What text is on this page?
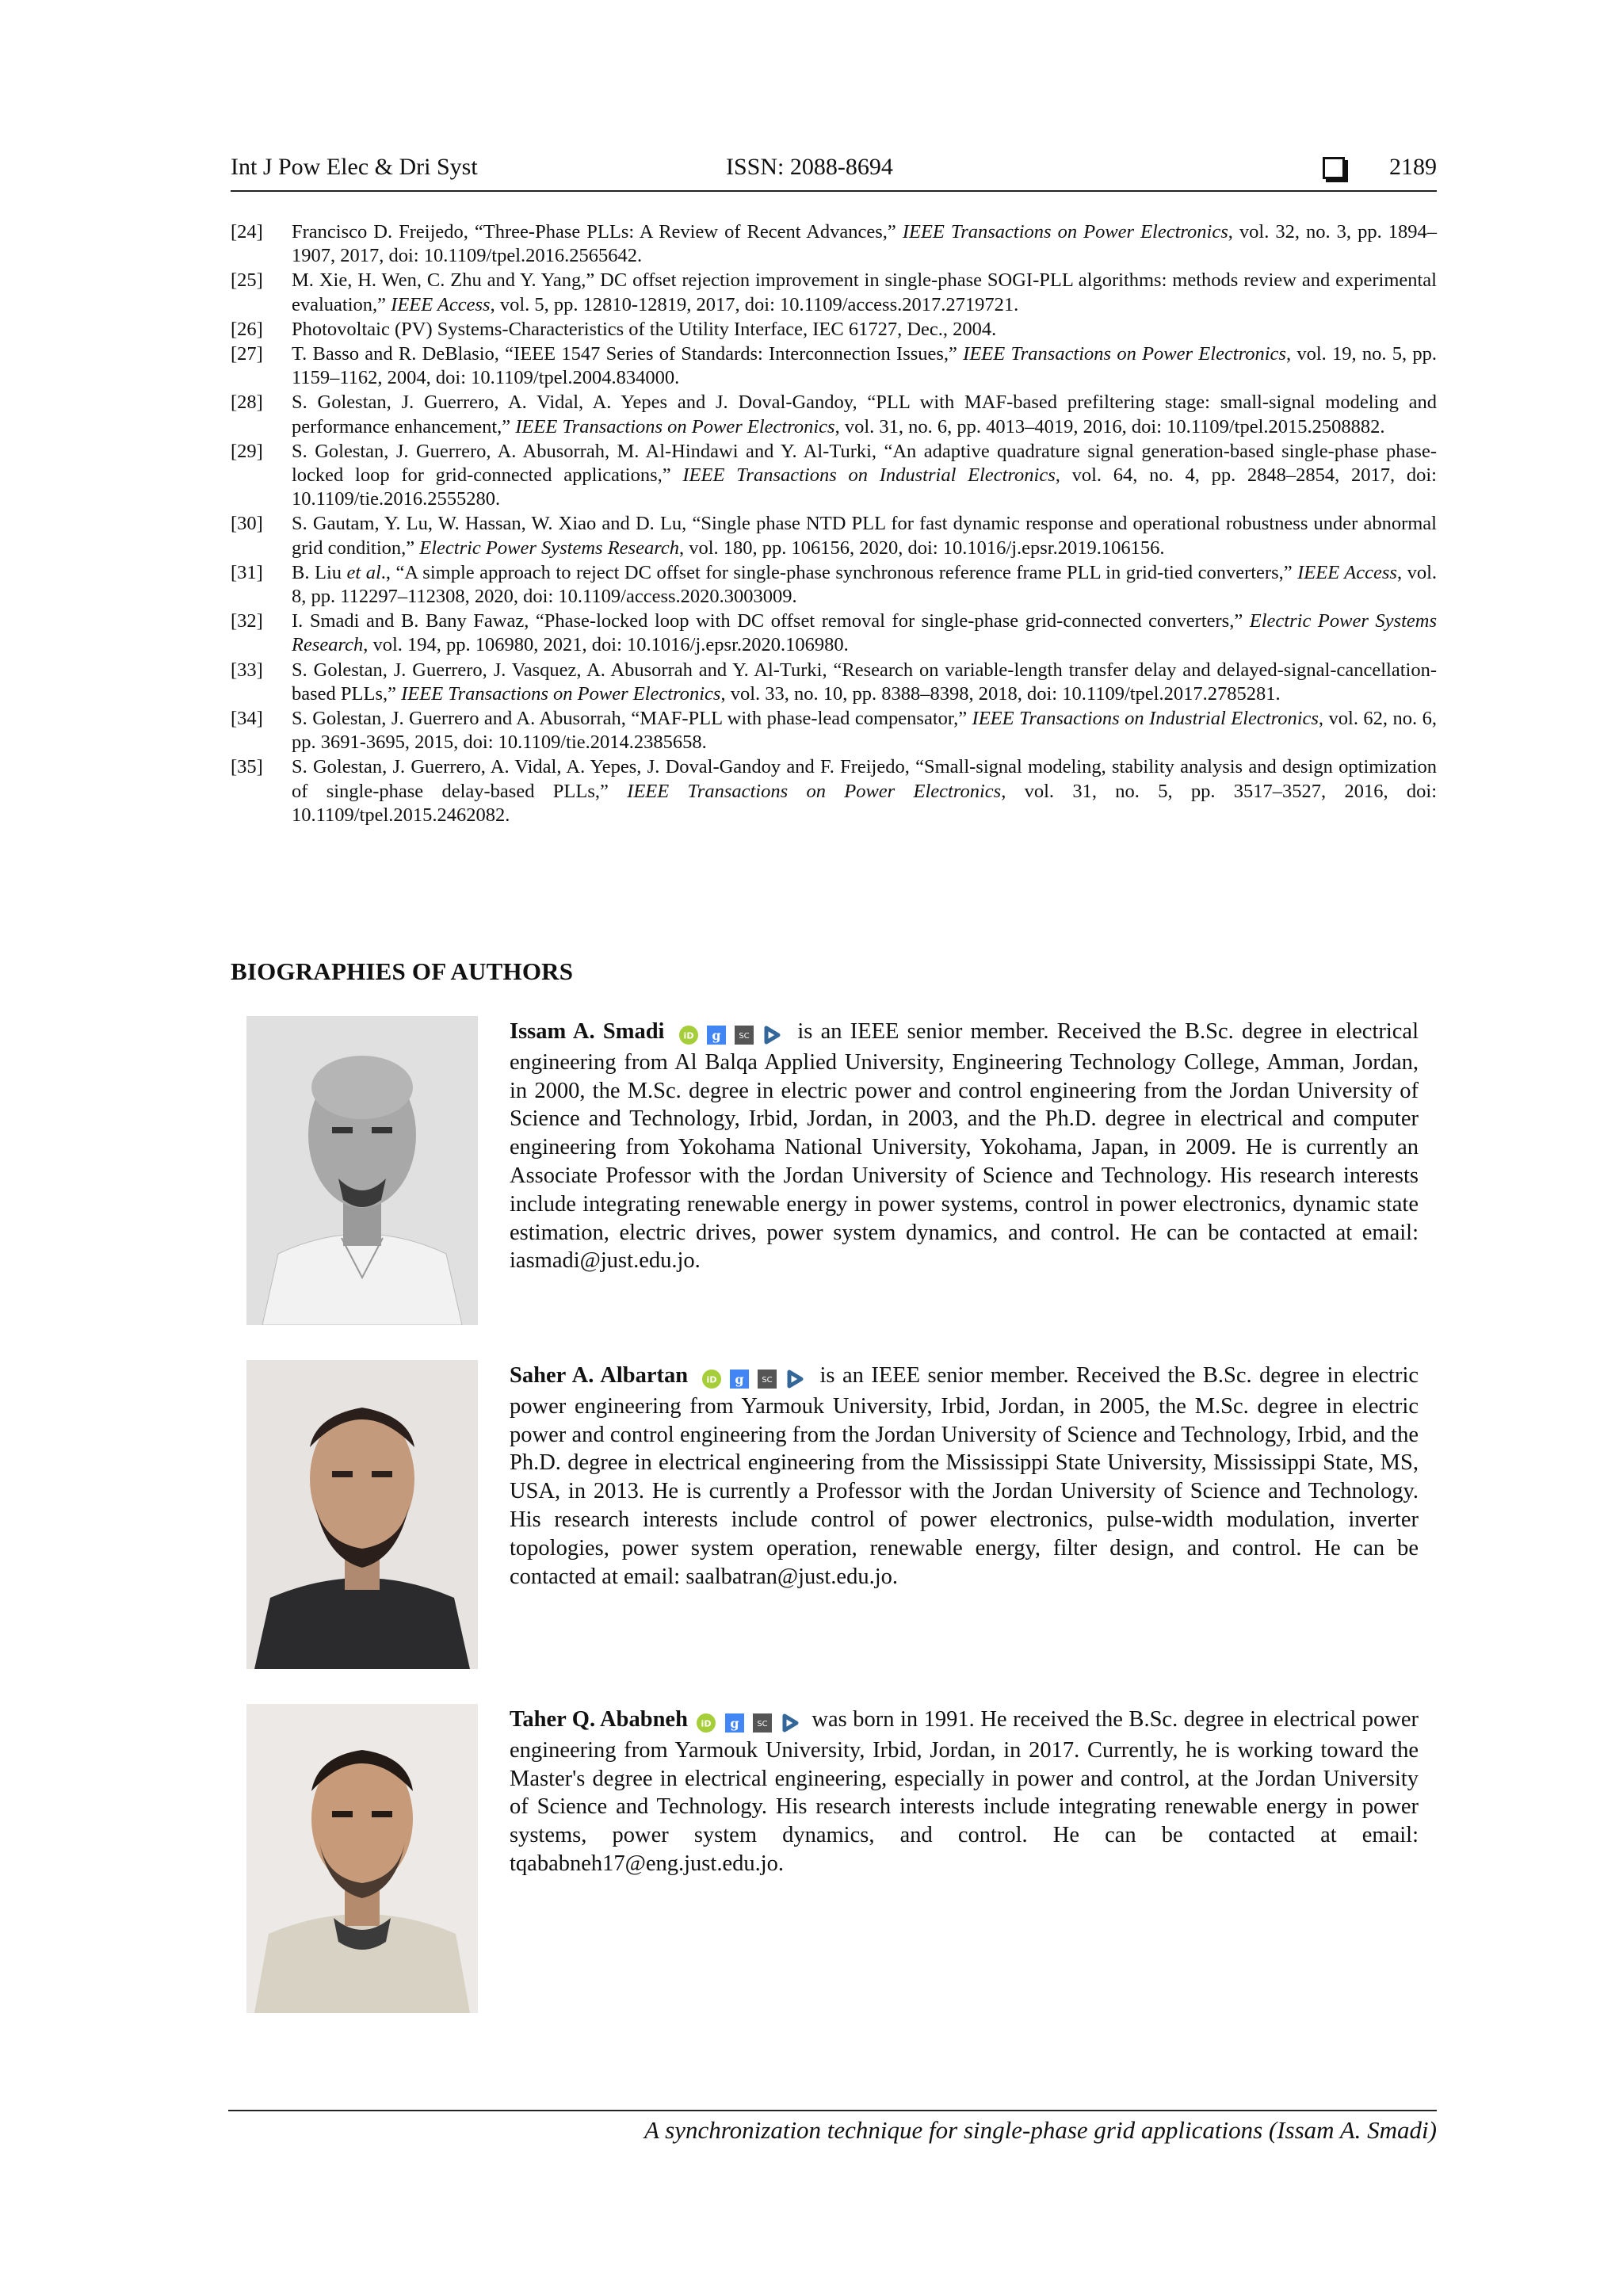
Int J Pow Elec & Dri Syst	ISSN: 2088-8694	2189
[24]	Francisco D. Freijedo, “Three-Phase PLLs: A Review of Recent Advances,” IEEE Transactions on Power Electronics, vol. 32, no. 3, pp. 1894‒1907, 2017, doi: 10.1109/tpel.2016.2565642.
[25]	M. Xie, H. Wen, C. Zhu and Y. Yang,” DC offset rejection improvement in single-phase SOGI-PLL algorithms: methods review and experimental evaluation,” IEEE Access, vol. 5, pp. 12810-12819, 2017, doi: 10.1109/access.2017.2719721.
[26]	Photovoltaic (PV) Systems-Characteristics of the Utility Interface, IEC 61727, Dec., 2004.
[27]	T. Basso and R. DeBlasio, “IEEE 1547 Series of Standards: Interconnection Issues,” IEEE Transactions on Power Electronics, vol. 19, no. 5, pp. 1159‒1162, 2004, doi: 10.1109/tpel.2004.834000.
[28]	S. Golestan, J. Guerrero, A. Vidal, A. Yepes and J. Doval-Gandoy, “PLL with MAF-based prefiltering stage: small-signal modeling and performance enhancement,” IEEE Transactions on Power Electronics, vol. 31, no. 6, pp. 4013‒4019, 2016, doi: 10.1109/tpel.2015.2508882.
[29]	S. Golestan, J. Guerrero, A. Abusorrah, M. Al-Hindawi and Y. Al-Turki, “An adaptive quadrature signal generation-based single-phase phase-locked loop for grid-connected applications,” IEEE Transactions on Industrial Electronics, vol. 64, no. 4, pp. 2848‒2854, 2017, doi: 10.1109/tie.2016.2555280.
[30]	S. Gautam, Y. Lu, W. Hassan, W. Xiao and D. Lu, “Single phase NTD PLL for fast dynamic response and operational robustness under abnormal grid condition,” Electric Power Systems Research, vol. 180, pp. 106156, 2020, doi: 10.1016/j.epsr.2019.106156.
[31]	B. Liu et al., “A simple approach to reject DC offset for single-phase synchronous reference frame PLL in grid-tied converters,” IEEE Access, vol. 8, pp. 112297‒112308, 2020, doi: 10.1109/access.2020.3003009.
[32]	I. Smadi and B. Bany Fawaz, “Phase-locked loop with DC offset removal for single-phase grid-connected converters,” Electric Power Systems Research, vol. 194, pp. 106980, 2021, doi: 10.1016/j.epsr.2020.106980.
[33]	S. Golestan, J. Guerrero, J. Vasquez, A. Abusorrah and Y. Al-Turki, “Research on variable-length transfer delay and delayed-signal-cancellation-based PLLs,” IEEE Transactions on Power Electronics, vol. 33, no. 10, pp. 8388‒8398, 2018, doi: 10.1109/tpel.2017.2785281.
[34]	S. Golestan, J. Guerrero and A. Abusorrah, “MAF-PLL with phase-lead compensator,” IEEE Transactions on Industrial Electronics, vol. 62, no. 6, pp. 3691-3695, 2015, doi: 10.1109/tie.2014.2385658.
[35]	S. Golestan, J. Guerrero, A. Vidal, A. Yepes, J. Doval-Gandoy and F. Freijedo, “Small-signal modeling, stability analysis and design optimization of single-phase delay-based PLLs,” IEEE Transactions on Power Electronics, vol. 31, no. 5, pp. 3517‒3527, 2016, doi: 10.1109/tpel.2015.2462082.
BIOGRAPHIES OF AUTHORS
Issam A. Smadi iD
g
SC is an IEEE senior member. Received the B.Sc. degree in electrical engineering from Al Balqa Applied University, Engineering Technology College, Amman, Jordan, in 2000, the M.Sc. degree in electric power and control engineering from the Jordan University of Science and Technology, Irbid, Jordan, in 2003, and the Ph.D. degree in electrical and computer engineering from Yokohama National University, Yokohama, Japan, in 2009. He is currently an Associate Professor with the Jordan University of Science and Technology. His research interests include integrating renewable energy in power systems, control in power electronics, dynamic state estimation, electric drives, power system dynamics, and control. He can be contacted at email: iasmadi@just.edu.jo.
Saher A. Albartan iD
g
SC is an IEEE senior member. Received the B.Sc. degree in electric power engineering from Yarmouk University, Irbid, Jordan, in 2005, the M.Sc. degree in electric power and control engineering from the Jordan University of Science and Technology, Irbid, and the Ph.D. degree in electrical engineering from the Mississippi State University, Mississippi State, MS, USA, in 2013. He is currently a Professor with the Jordan University of Science and Technology. His research interests include control of power electronics, pulse-width modulation, inverter topologies, power system operation, renewable energy, filter design, and control. He can be contacted at email: saalbatran@just.edu.jo.
Taher Q. Ababneh iD
g
SC was born in 1991. He received the B.Sc. degree in electrical power engineering from Yarmouk University, Irbid, Jordan, in 2017. Currently, he is working toward the Master's degree in electrical engineering, especially in power and control, at the Jordan University of Science and Technology. His research interests include integrating renewable energy in power systems, power system dynamics, and control. He can be contacted at email: tqababneh17@eng.just.edu.jo.
A synchronization technique for single-phase grid applications (Issam A. Smadi)
